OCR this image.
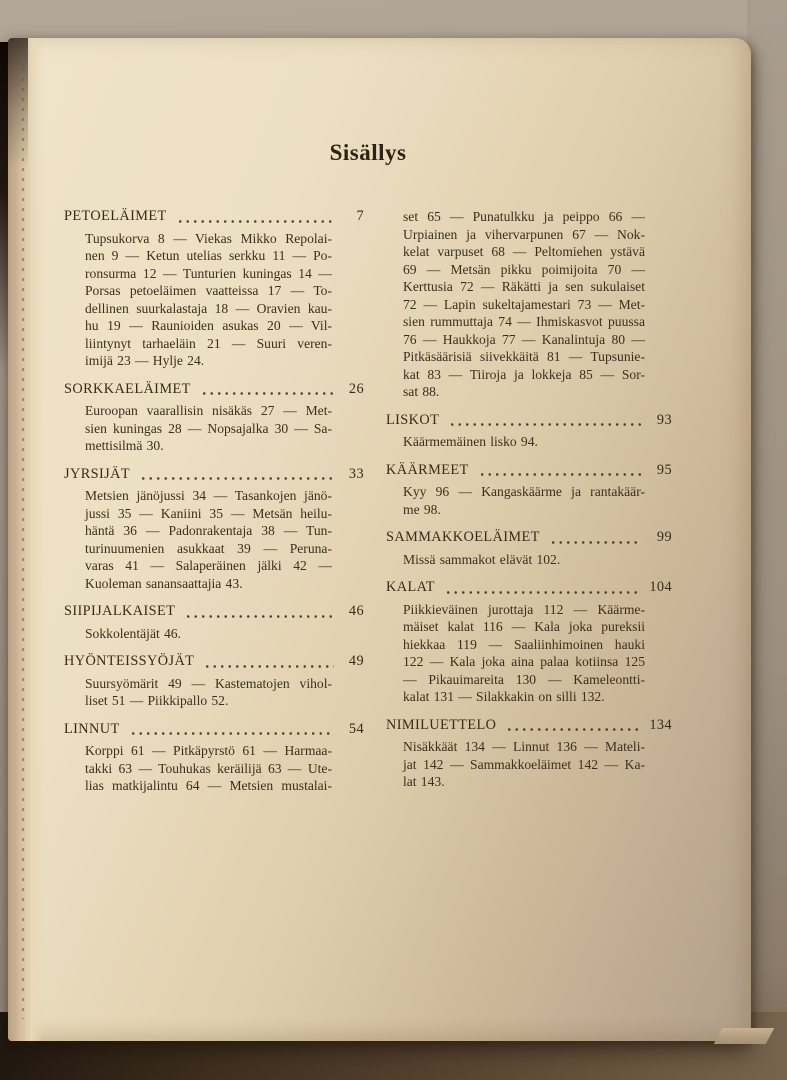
Sisällys
PETOELÄIMET	7
Tupsukorva 8 — Viekas Mikko Repolai-
nen 9 — Ketun utelias serkku 11 — Po-
ronsurma 12 — Tunturien kuningas 14 —
Porsas petoeläimen vaatteissa 17 — To-
dellinen suurkalastaja 18 — Oravien kau-
hu 19 — Raunioiden asukas 20 — Vil-
liintynyt tarhaeläin 21 — Suuri veren-
imijä 23 — Hylje 24.
SORKKAELÄIMET	26
Euroopan vaarallisin nisäkäs 27 — Met-
sien kuningas 28 — Nopsajalka 30 — Sa-
mettisilmä 30.
JYRSIJÄT	33
Metsien jänöjussi 34 — Tasankojen jänö-
jussi 35 — Kaniini 35 — Metsän heilu-
häntä 36 — Padonrakentaja 38 — Tun-
turinuumenien asukkaat 39 — Peruna-
varas 41 — Salaperäinen jälki 42 —
Kuoleman sanansaattajia 43.
SIIPIJALKAISET	46
Sokkolentäjät 46.
HYÖNTEISSYÖJÄT	49
Suursyömärit 49 — Kastematojen vihol-
liset 51 — Piikkipallo 52.
LINNUT	54
Korppi 61 — Pitkäpyrstö 61 — Harmaa-
takki 63 — Touhukas keräilijä 63 — Ute-
lias matkijalintu 64 — Metsien mustalai-
set 65 — Punatulkku ja peippo 66 —
Urpiainen ja vihervarpunen 67 — Nok-
kelat varpuset 68 — Peltomiehen ystävä
69 — Metsän pikku poimijoita 70 —
Kerttusia 72 — Räkätti ja sen sukulaiset
72 — Lapin sukeltajamestari 73 — Met-
sien rummuttaja 74 — Ihmiskasvot puussa
76 — Haukkoja 77 — Kanalintuja 80 —
Pitkäsäärisiä siivekkäitä 81 — Tupsunie-
kat 83 — Tiiroja ja lokkeja 85 — Sor-
sat 88.
LISKOT	93
Käärmemäinen lisko 94.
KÄÄRMEET	95
Kyy 96 — Kangaskäärme ja rantakäär-
me 98.
SAMMAKKOELÄIMET	99
Missä sammakot elävät 102.
KALAT	104
Piikkieväinen jurottaja 112 — Käärme-
mäiset kalat 116 — Kala joka pureksii
hiekkaa 119 — Saaliinhimoinen hauki
122 — Kala joka aina palaa kotiinsa 125
— Pikauimareita 130 — Kameleontti-
kalat 131 — Silakkakin on silli 132.
NIMILUETTELO	134
Nisäkkäät 134 — Linnut 136 — Mateli-
jat 142 — Sammakkoeläimet 142 — Ka-
lat 143.
